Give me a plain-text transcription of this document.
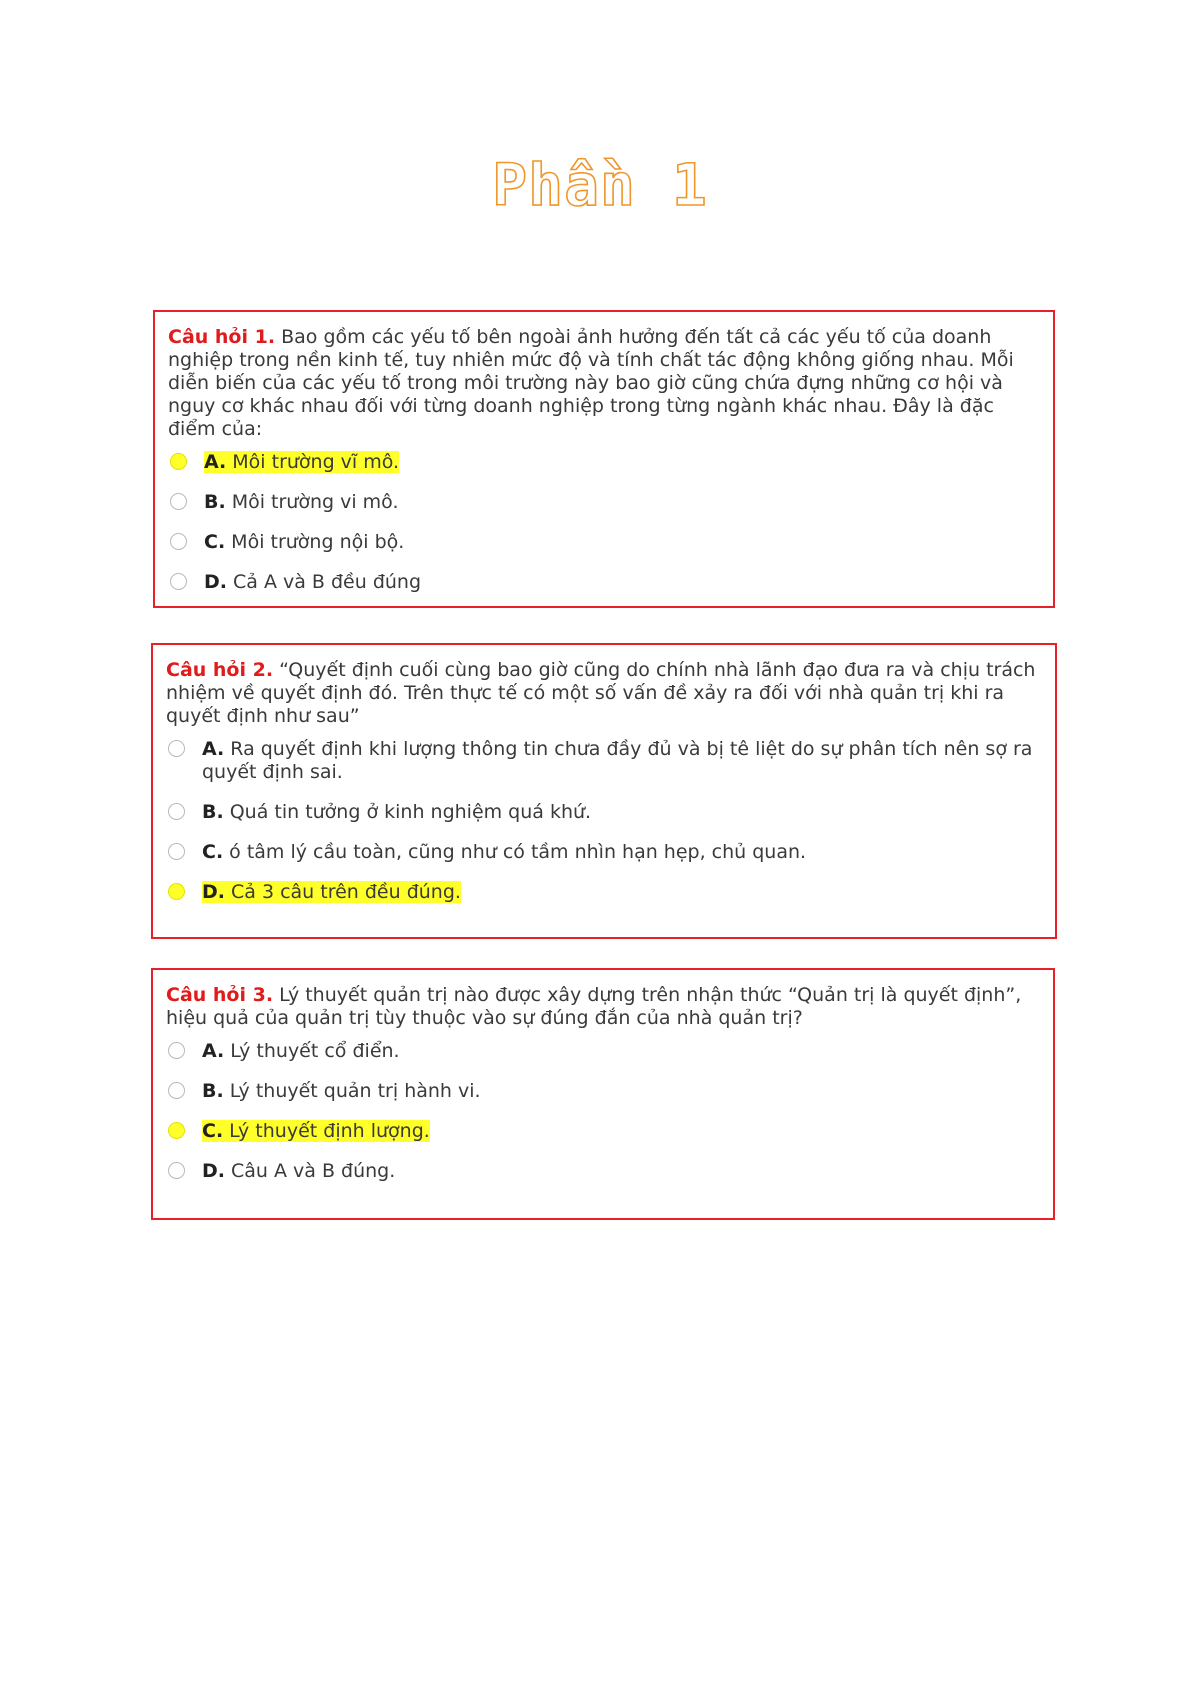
Phần 1

Câu hỏi 1. Bao gồm các yếu tố bên ngoài ảnh hưởng đến tất cả các yếu tố của doanh nghiệp trong nền kinh tế, tuy nhiên mức độ và tính chất tác động không giống nhau. Mỗi diễn biến của các yếu tố trong môi trường này bao giờ cũng chứa đựng những cơ hội và nguy cơ khác nhau đối với từng doanh nghiệp trong từng ngành khác nhau. Đây là đặc điểm của:

A. Môi trường vĩ mô.
B. Môi trường vi mô.
C. Môi trường nội bộ.
D. Cả A và B đều đúng

Câu hỏi 2. “Quyết định cuối cùng bao giờ cũng do chính nhà lãnh đạo đưa ra và chịu trách nhiệm về quyết định đó. Trên thực tế có một số vấn đề xảy ra đối với nhà quản trị khi ra quyết định như sau”

A. Ra quyết định khi lượng thông tin chưa đầy đủ và bị tê liệt do sự phân tích nên sợ ra quyết định sai.
B. Quá tin tưởng ở kinh nghiệm quá khứ.
C. ó tâm lý cầu toàn, cũng như có tầm nhìn hạn hẹp, chủ quan.
D. Cả 3 câu trên đều đúng.

Câu hỏi 3. Lý thuyết quản trị nào được xây dựng trên nhận thức “Quản trị là quyết định”, hiệu quả của quản trị tùy thuộc vào sự đúng đắn của nhà quản trị?

A. Lý thuyết cổ điển.
B. Lý thuyết quản trị hành vi.
C. Lý thuyết định lượng.
D. Câu A và B đúng.
